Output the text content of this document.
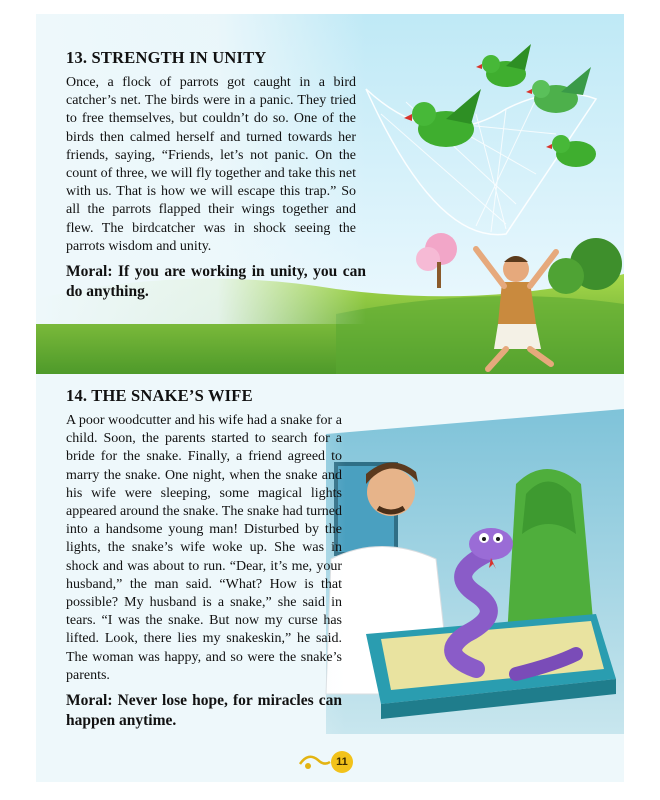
13. STRENGTH IN UNITY

Once, a flock of parrots got caught in a bird catcher’s net. The birds were in a panic. They tried to free themselves, but couldn’t do so. One of the birds then calmed herself and turned towards her friends, saying, “Friends, let’s not panic. On the count of three, we will fly together and take this net with us. That is how we will escape this trap.” So all the parrots flapped their wings together and flew. The birdcatcher was in shock seeing the parrots wisdom and unity.

Moral: If you are working in unity, you can do anything.

14. THE SNAKE’S WIFE

A poor woodcutter and his wife had a snake for a child. Soon, the parents started to search for a bride for the snake. Finally, a friend agreed to marry the snake. One night, when the snake and his wife were sleeping, some magical lights appeared around the snake. The snake had turned into a handsome young man! Disturbed by the lights, the snake’s wife woke up. She was in shock and was about to run. “Dear, it’s me, your husband,” the man said. “What? How is that possible? My husband is a snake,” she said in tears. “I was the snake. But now my curse has lifted. Look, there lies my snakeskin,” he said. The woman was happy, and so were the snake’s parents.

Moral: Never lose hope, for miracles can happen anytime.

11
